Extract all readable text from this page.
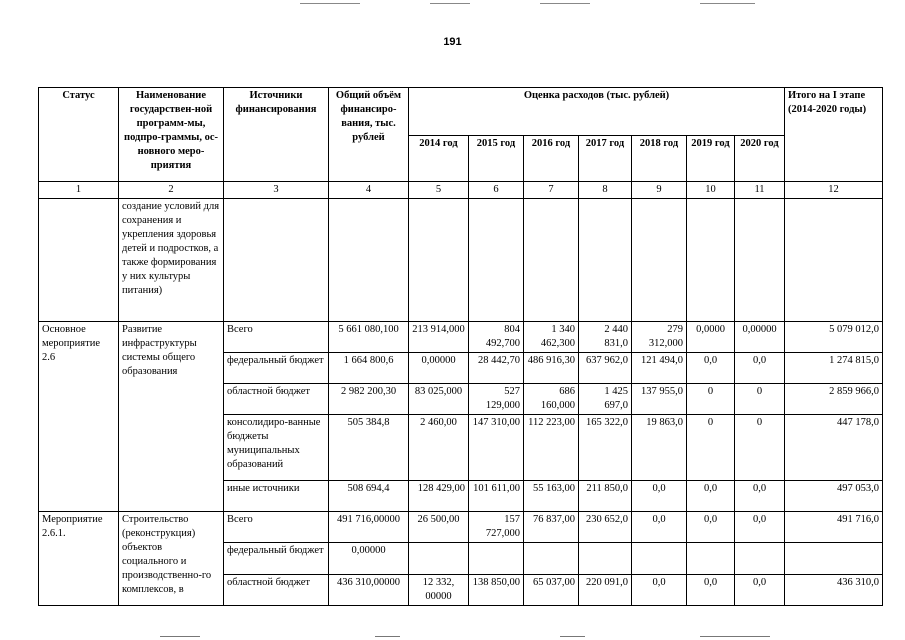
191
Статус	Наименование государствен-ной программ-мы, подпро-граммы, ос-новного меро-приятия	Источники финансирования	Общий объём финансиро-вания, тыс. рублей	Оценка расходов (тыс. рублей)							Итого на I этапе (2014-2020 годы)
				2014 год	2015 год	2016 год	2017 год	2018 год	2019 год	2020 год	
1	2	3	4	5	6	7	8	9	10	11	12
	создание условий для сохранения и укрепления здоровья детей и подростков, а также формирования у них культуры питания)										
Основное мероприятие 2.6	Развитие инфраструктуры системы общего образования	Всего	5 661 080,100	213 914,000	804 492,700	1 340 462,300	2 440 831,0	279 312,000	0,0000	0,00000	5 079 012,0
		федеральный бюджет	1 664 800,6	0,00000	28 442,70	486 916,30	637 962,0	121 494,0	0,0	0,0	1 274 815,0
		областной бюджет	2 982 200,30	83 025,000	527 129,000	686 160,000	1 425 697,0	137 955,0	0	0	2 859 966,0
		консолидиро-ванные бюджеты муниципальных образований	505 384,8	2 460,00	147 310,00	112 223,00	165 322,0	19 863,0	0	0	447 178,0
		иные источники	508 694,4	128 429,00	101 611,00	55 163,00	211 850,0	0,0	0,0	0,0	497 053,0
Мероприятие 2.6.1.	Строительство (реконструкция) объектов социального и производственно-го комплексов, в	Всего	491 716,00000	26 500,00	157 727,000	76 837,00	230 652,0	0,0	0,0	0,0	491 716,0
		федеральный бюджет	0,00000								
		областной бюджет	436 310,00000	12 332, 00000	138 850,00	65 037,00	220 091,0	0,0	0,0	0,0	436 310,0
